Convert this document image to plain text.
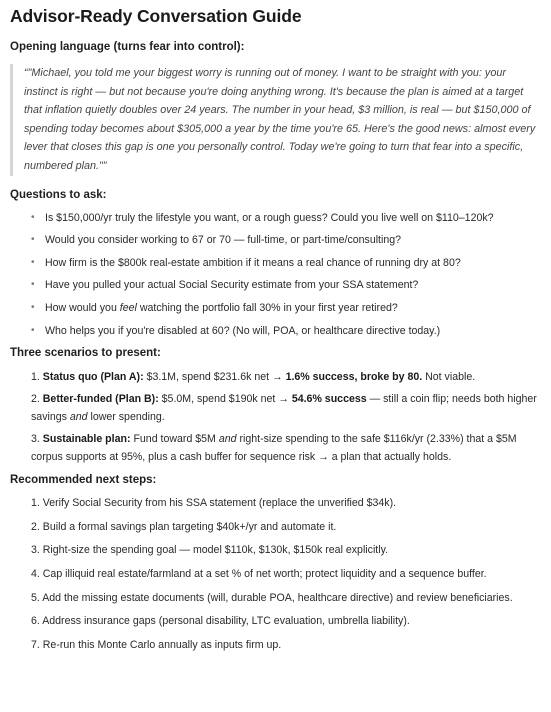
Advisor-Ready Conversation Guide
Opening language (turns fear into control):
“"Michael, you told me your biggest worry is running out of money. I want to be straight with you: your instinct is right — but not because you're doing anything wrong. It's because the plan is aimed at a target that inflation quietly doubles over 24 years. The number in your head, $3 million, is real — but $150,000 of spending today becomes about $305,000 a year by the time you're 65. Here's the good news: almost every lever that closes this gap is one you personally control. Today we're going to turn that fear into a specific, numbered plan."”
Questions to ask:
• Is $150,000/yr truly the lifestyle you want, or a rough guess? Could you live well on $110–120k?
• Would you consider working to 67 or 70 — full-time, or part-time/consulting?
• How firm is the $800k real-estate ambition if it means a real chance of running dry at 80?
• Have you pulled your actual Social Security estimate from your SSA statement?
• How would you feel watching the portfolio fall 30% in your first year retired?
• Who helps you if you're disabled at 60? (No will, POA, or healthcare directive today.)
Three scenarios to present:
1. Status quo (Plan A): $3.1M, spend $231.6k net → 1.6% success, broke by 80. Not viable.
2. Better-funded (Plan B): $5.0M, spend $190k net → 54.6% success — still a coin flip; needs both higher savings and lower spending.
3. Sustainable plan: Fund toward $5M and right-size spending to the safe $116k/yr (2.33%) that a $5M corpus supports at 95%, plus a cash buffer for sequence risk → a plan that actually holds.
Recommended next steps:
1. Verify Social Security from his SSA statement (replace the unverified $34k).
2. Build a formal savings plan targeting $40k+/yr and automate it.
3. Right-size the spending goal — model $110k, $130k, $150k real explicitly.
4. Cap illiquid real estate/farmland at a set % of net worth; protect liquidity and a sequence buffer.
5. Add the missing estate documents (will, durable POA, healthcare directive) and review beneficiaries.
6. Address insurance gaps (personal disability, LTC evaluation, umbrella liability).
7. Re-run this Monte Carlo annually as inputs firm up.
